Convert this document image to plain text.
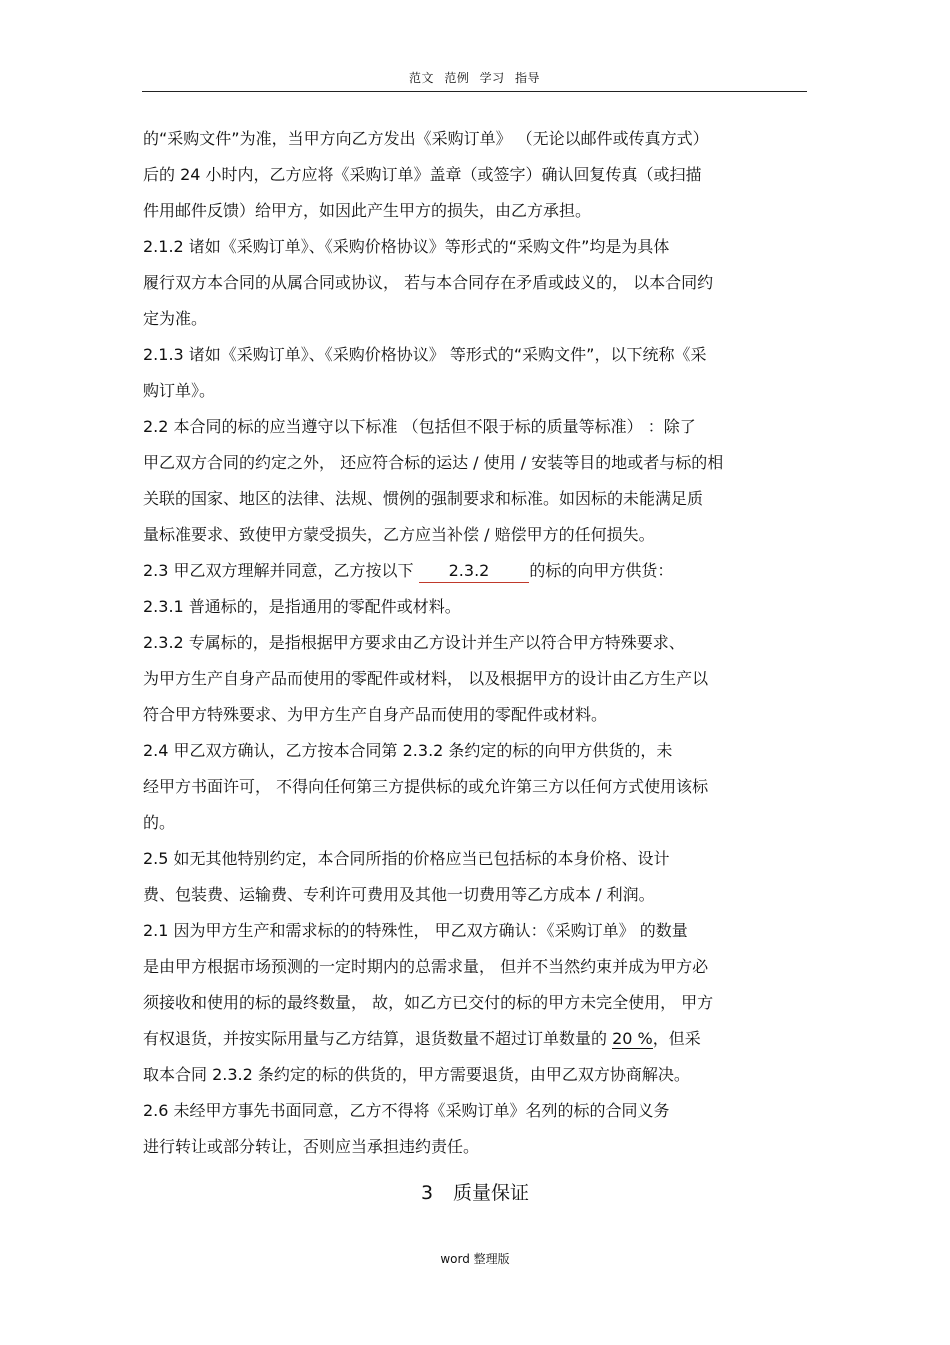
范文 范例 学习 指导
的“采购文件”为准，当甲方向乙方发出《采购订单》 （无论以邮件或传真方式）
后的 24 小时内，乙方应将《采购订单》盖章（或签字）确认回复传真（或扫描
件用邮件反馈）给甲方，如因此产生甲方的损失，由乙方承担。
2.1.2 诸如《采购订单》、《采购价格协议》等形式的“采购文件”均是为具体
履行双方本合同的从属合同或协议， 若与本合同存在矛盾或歧义的， 以本合同约
定为准。
2.1.3 诸如《采购订单》、《采购价格协议》 等形式的“采购文件”，以下统称《采
购订单》。
2.2 本合同的标的应当遵守以下标准 （包括但不限于标的质量等标准） ：除了
甲乙双方合同的约定之外， 还应符合标的运达 / 使用 / 安装等目的地或者与标的相
关联的国家、地区的法律、法规、惯例的强制要求和标准。如因标的未能满足质
量标准要求、致使甲方蒙受损失，乙方应当补偿 / 赔偿甲方的任何损失。
2.3 甲乙双方理解并同意，乙方按以下 2.3.2	的标的向甲方供货：
2.3.1 普通标的，是指通用的零配件或材料。
2.3.2 专属标的，是指根据甲方要求由乙方设计并生产以符合甲方特殊要求、
为甲方生产自身产品而使用的零配件或材料， 以及根据甲方的设计由乙方生产以
符合甲方特殊要求、为甲方生产自身产品而使用的零配件或材料。
2.4 甲乙双方确认，乙方按本合同第 2.3.2 条约定的标的向甲方供货的，未
经甲方书面许可， 不得向任何第三方提供标的或允许第三方以任何方式使用该标
的。
2.5 如无其他特别约定，本合同所指的价格应当已包括标的本身价格、设计
费、包装费、运输费、专利许可费用及其他一切费用等乙方成本 / 利润。
2.1 因为甲方生产和需求标的的特殊性， 甲乙双方确认：《采购订单》 的数量
是由甲方根据市场预测的一定时期内的总需求量， 但并不当然约束并成为甲方必
须接收和使用的标的最终数量， 故，如乙方已交付的标的甲方未完全使用， 甲方
有权退货，并按实际用量与乙方结算，退货数量不超过订单数量的 20 %，但采
取本合同 2.3.2 条约定的标的供货的，甲方需要退货，由甲乙双方协商解决。
2.6 未经甲方事先书面同意，乙方不得将《采购订单》名列的标的合同义务
进行转让或部分转让，否则应当承担违约责任。
3 质量保证
word 整理版
